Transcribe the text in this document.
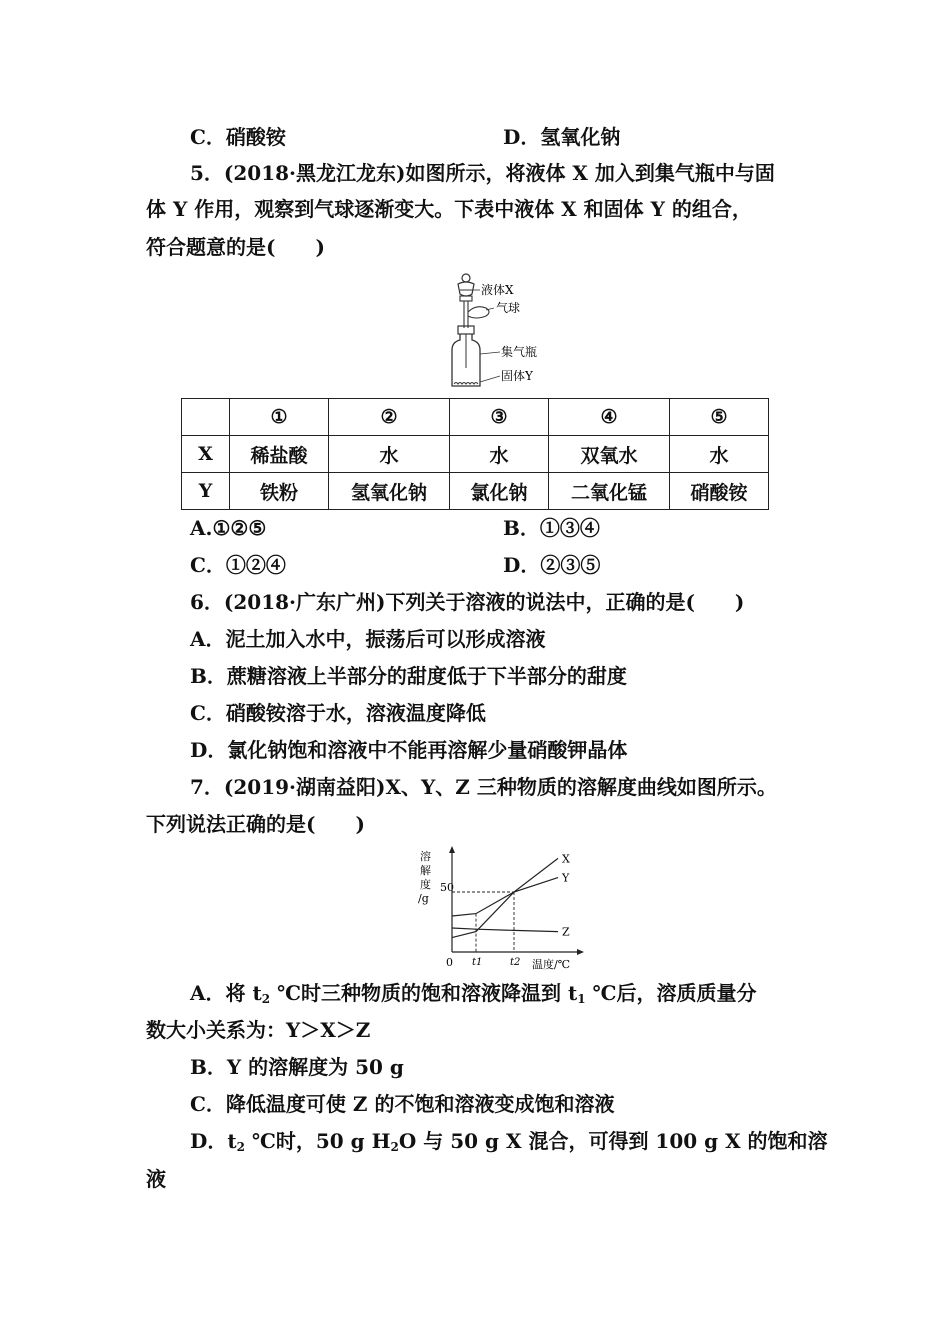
C．硝酸铵	D．氢氧化钠
5．(2018·黑龙江龙东)如图所示，将液体 X 加入到集气瓶中与固
体 Y 作用，观察到气球逐渐变大。下表中液体 X 和固体 Y 的组合，
符合题意的是(　　)
液体X
气球
集气瓶
固体Y
	①	②	③	④	⑤
X	稀盐酸	水	水	双氧水	水
Y	铁粉	氢氧化钠	氯化钠	二氧化锰	硝酸铵
A.①②⑤	B．①③④
C．①②④	D．②③⑤
6．(2018·广东广州)下列关于溶液的说法中，正确的是(　　)
A．泥土加入水中，振荡后可以形成溶液
B．蔗糖溶液上半部分的甜度低于下半部分的甜度
C．硝酸铵溶于水，溶液温度降低
D．氯化钠饱和溶液中不能再溶解少量硝酸钾晶体
7．(2019·湖南益阳)X、Y、Z 三种物质的溶解度曲线如图所示。
下列说法正确的是(　　)
溶
解
度
/g
50
0	温度/℃
t1	t2
X
Y
Z
A．将 $t_2$ ℃时三种物质的饱和溶液降温到 $t_1$ ℃后，溶质质量分
数大小关系为：Y＞X＞Z
B．Y 的溶解度为 50 g
C．降低温度可使 Z 的不饱和溶液变成饱和溶液
D．$t_2$ ℃时，50 g $H_2O$ 与 50 g X 混合，可得到 100 g X 的饱和溶
液
